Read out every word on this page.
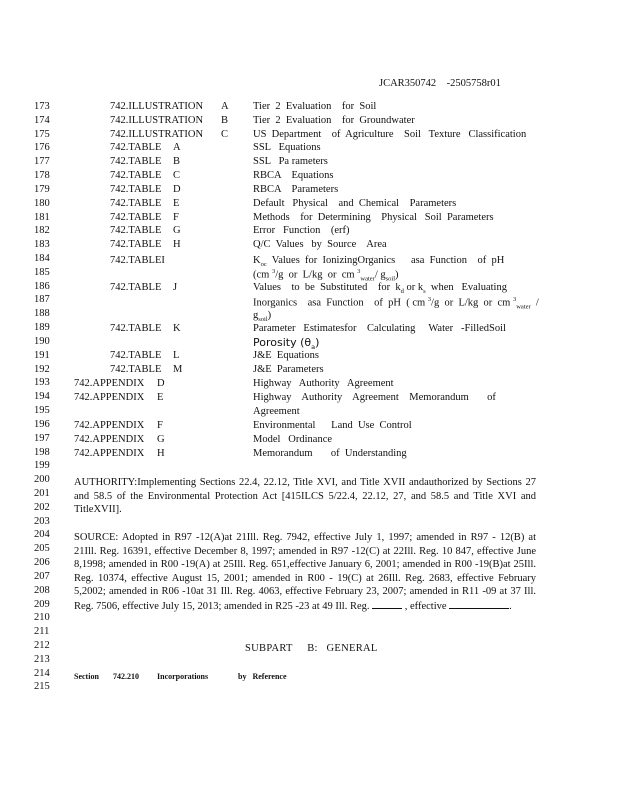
JCAR350742    -2505758r01
173
174
175
176
177
178
179
180
181
182
183
184
185
186
187
188
189
190
191
192
193
194
195
196
197
198
199
200
201
202
203
204
205
206
207
208
209
210
211
212
213
214
215
742.ILLUSTRATION A Tier  2  Evaluation    for  Soil
742.ILLUSTRATION B Tier  2  Evaluation    for  Groundwater
742.ILLUSTRATION C US  Department    of  Agriculture    Soil   Texture   Classification
742.TABLE A	SSL   Equations
742.TABLE B	SSL   Pa rameters
742.TABLE C	RBCA    Equations
742.TABLE D	RBCA    Parameters
742.TABLE E	Default   Physical    and  Chemical    Parameters
742.TABLE F	Methods    for  Determining    Physical   Soil  Parameters
742.TABLE G	Error   Function    (erf)
742.TABLE H	Q/C  Values   by  Source    Area
742.TABLEI	$K_{oc}$  Values  for  IonizingOrganics      asa  Function    of  pH
(cm $^3$/g  or  L/kg  or  cm $^3_{water}$/ $g_{soil}$)
742.TABLE J	Values    to  be  Substituted    for  $k_d$ or $k_s$  when   Evaluating
Inorganics    asa  Function    of  pH  ( cm $^3$/g  or  L/kg  or  cm $^3_{water}$  /
$g_{soil}$)
742.TABLE K	Parameter   Estimatesfor    Calculating     Water   -FilledSoil
Porosity $(\theta_a)$
742.TABLE L	J&E  Equations
742.TABLE M	J&E  Parameters
742.APPENDIX D	Highway   Authority   Agreement
742.APPENDIX E	Highway    Authority    Agreement    Memorandum       of
Agreement
742.APPENDIX F	Environmental      Land  Use  Control
742.APPENDIX G	Model   Ordinance
742.APPENDIX H	Memorandum       of  Understanding
AUTHORITY:Implementing Sections 22.4, 22.12, Title XVI, and Title XVII andauthorized by Sections 27 and 58.5 of the Environmental Protection Act [415ILCS 5/22.4, 22.12, 27, and 58.5 and Title XVI and TitleXVII].
SOURCE: Adopted in R97 -12(A)at 21Ill. Reg. 7942, effective July 1, 1997; amended in R97 - 12(B) at 21Ill. Reg. 16391, effective December 8, 1997; amended in R97 -12(C) at 22Ill. Reg. 10 847, effective June 8,1998; amended in R00 -19(A) at 25Ill. Reg. 651,effective January 6, 2001; amended in R00 -19(B)at 25Ill. Reg. 10374, effective August 15, 2001; amended in R00 - 19(C) at 26Ill. Reg. 2683, effective February 5,2002; amended in R06 -10at 31 Ill. Reg. 4063, effective February 23, 2007; amended in R11 -09 at 37 Ill. Reg. 7506, effective July 15, 2013; amended in R25 -23 at 49 Ill. Reg.	, effective	.
SUBPART     B:   GENERAL
Section 742.210 Incorporations	by   Reference
